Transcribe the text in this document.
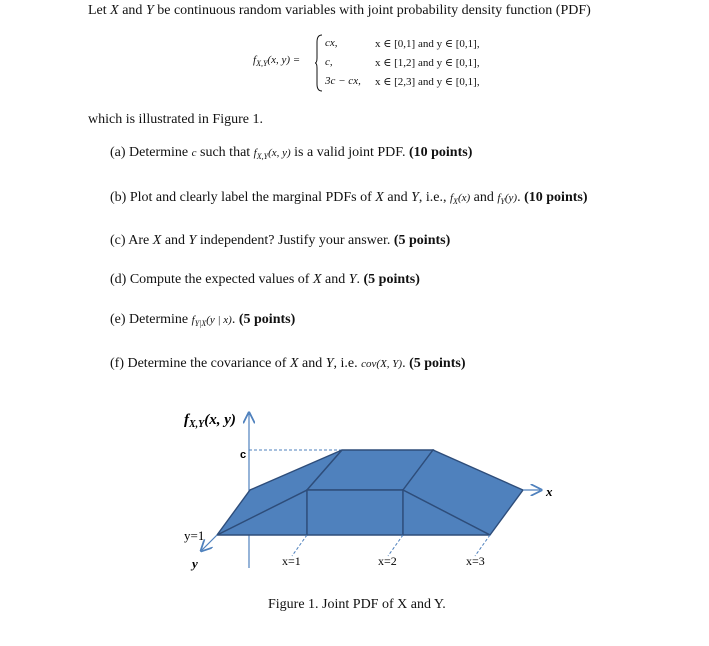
Let X and Y be continuous random variables with joint probability density function (PDF)
$f_{X,Y}(x$, y) =
cx,	x ∈ [0,1] and y ∈ [0,1],
c,	x ∈ [1,2] and y ∈ [0,1],
3c − cx, x ∈ [2,3] and y ∈ [0,1],
which is illustrated in Figure 1.
(a) Determine c such that $f_{X,Y}(x$, y) is a valid joint PDF. (10 points)
(b) Plot and clearly label the marginal PDFs of X and Y, i.e., $f_X(x)$ and $f_Y(y)$. (10 points)
(c) Are X and Y independent? Justify your answer. (5 points)
(d) Compute the expected values of X and Y. (5 points)
(e) Determine $f_{Y|X}(y$ | x). (5 points)
(f) Determine the covariance of X and Y, i.e. cov(X, Y). (5 points)
$f_{X,Y}(x$, y)
c
y=1
y
x
x=1	x=2	x=3
Figure 1. Joint PDF of X and Y.
